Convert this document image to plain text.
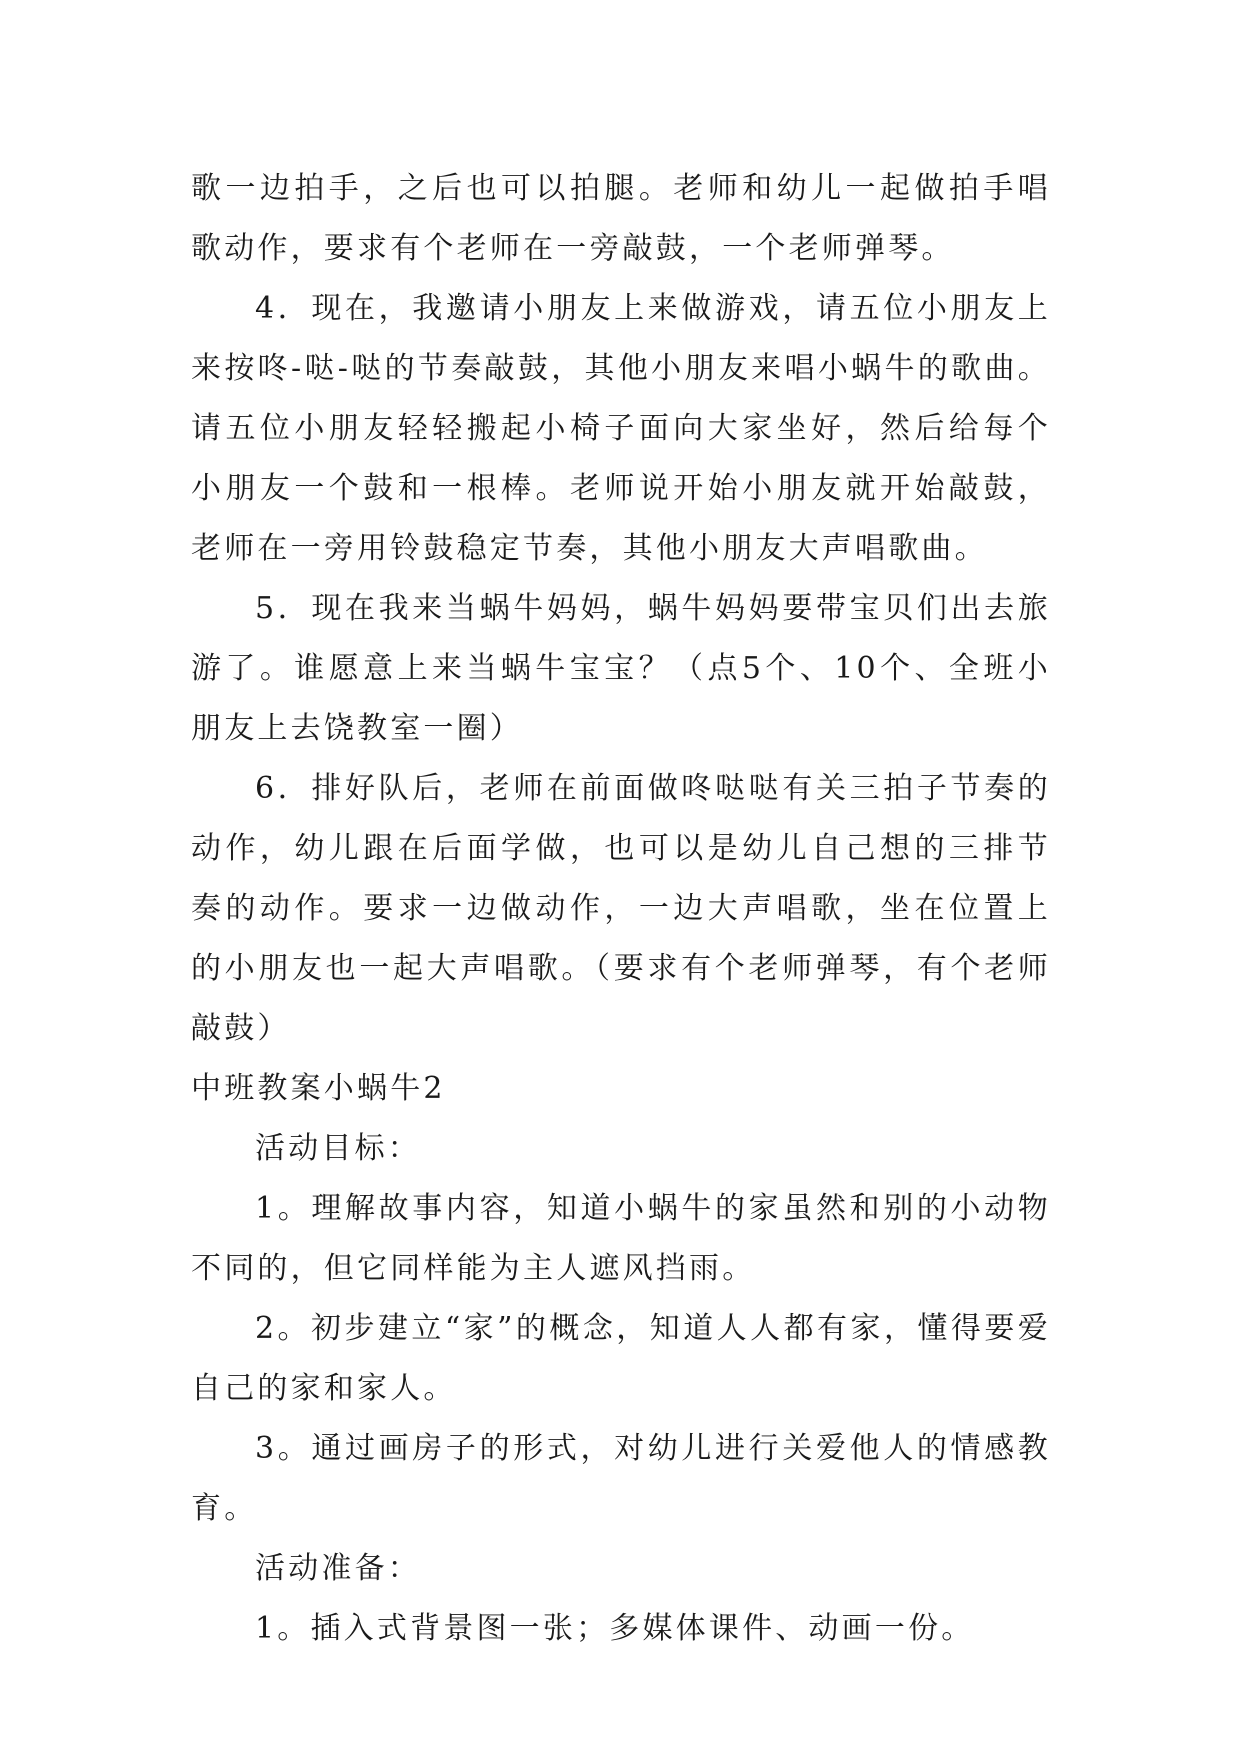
歌一边拍手，之后也可以拍腿。老师和幼儿一起做拍手唱歌动作，要求有个老师在一旁敲鼓，一个老师弹琴。

4．现在，我邀请小朋友上来做游戏，请五位小朋友上来按咚-哒-哒的节奏敲鼓，其他小朋友来唱小蜗牛的歌曲。请五位小朋友轻轻搬起小椅子面向大家坐好，然后给每个小朋友一个鼓和一根棒。老师说开始小朋友就开始敲鼓，老师在一旁用铃鼓稳定节奏，其他小朋友大声唱歌曲。

5．现在我来当蜗牛妈妈，蜗牛妈妈要带宝贝们出去旅游了。谁愿意上来当蜗牛宝宝？（点5个、10个、全班小朋友上去饶教室一圈）

6．排好队后，老师在前面做咚哒哒有关三拍子节奏的动作，幼儿跟在后面学做，也可以是幼儿自己想的三排节奏的动作。要求一边做动作，一边大声唱歌，坐在位置上的小朋友也一起大声唱歌。（要求有个老师弹琴，有个老师敲鼓）

中班教案小蜗牛2

活动目标：

1。理解故事内容，知道小蜗牛的家虽然和别的小动物不同的，但它同样能为主人遮风挡雨。

2。初步建立“家”的概念，知道人人都有家，懂得要爱自己的家和家人。

3。通过画房子的形式，对幼儿进行关爱他人的情感教育。

活动准备：

1。插入式背景图一张；多媒体课件、动画一份。
